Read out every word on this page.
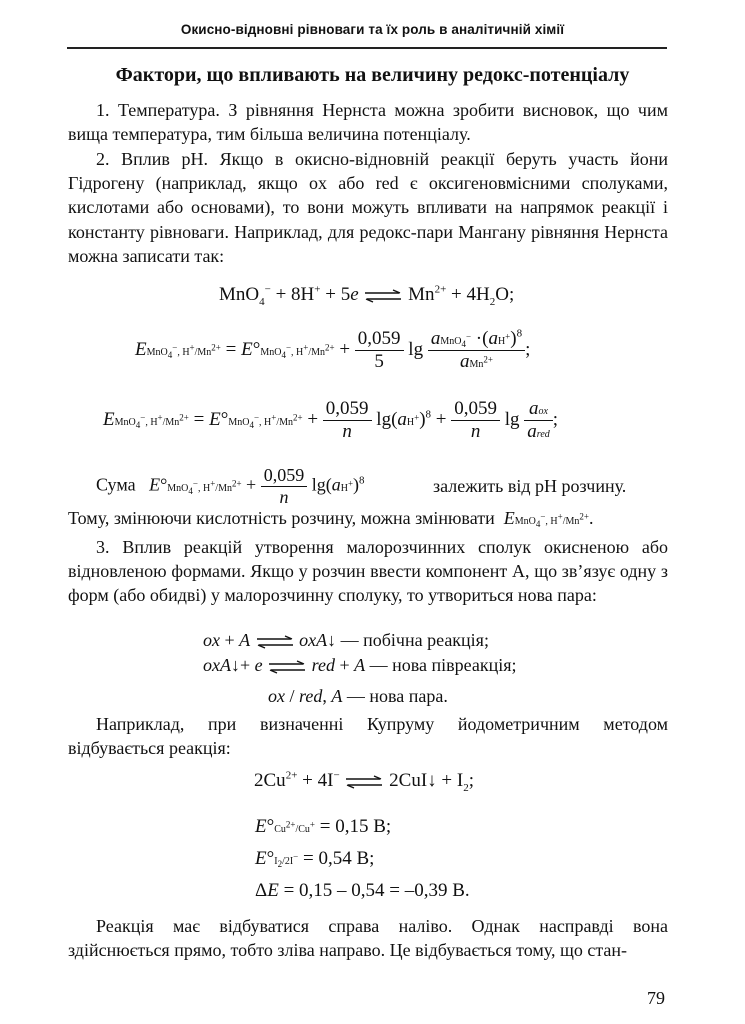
Окисно-відновні рівноваги та їх роль в аналітичній хімії
Фактори, що впливають на величину редокс-потенціалу

1. Температура. З рівняння Нернста можна зробити висновок, що чим вища температура, тим більша величина потенціалу.

2. Вплив pH. Якщо в окисно-відновній реакції беруть участь йони Гідрогену (наприклад, якщо ox або red є оксигеновмісними сполуками, кислотами або основами), то вони можуть впливати на напрямок реакції і константу рівноваги. Наприклад, для редокс-пари Мангану рівняння Нернста можна записати так:

MnO$_4$− + 8H+ + 5e ⇌ $Mn^{2+} + 4H_2O$;
EMnO$_4$−, $H^+/Mn^{2+} = E^\circ MnO_4^-$, $H^+/Mn^{2+} + \frac{0,059}{5}$ $\lg \frac{aMnO_4^- \cdot(aH^+)^8}{aMn^{2+}}$ ;
EMnO$_4$−, $H^+/Mn^{2+} = E^\circ MnO_4^-$, $H^+/Mn^{2+} + \frac{0,059}{n} \lg(aH^+)^8 + \frac{0,059}{n}$ $\lg \frac{\text{aox}}{\text{ared}}$ ;
Сума E°MnO$_4$−, $H^+/Mn^{2+} + \frac{0,059}{n} \lg(aH^+)^8$	залежить від pH розчину.
Тому, змінюючи кислотність розчину, можна змінювати EMnO$_4$−, $H^+/Mn^{2+}$.

3. Вплив реакцій утворення малорозчинних сполук окисненою або відновленою формами. Якщо у розчин ввести компонент A, що зв’язує одну з форм (або обидві) у малорозчинну сполуку, то утвориться нова пара:

ox + A ⇌ oxA↓ — побічна реакція;
oxA↓+ e ⇌ red + A — нова півреакція;
ox / red, A — нова пара.

Наприклад, при визначенні Купруму йодометричним методом відбувається реакція:

$2Cu^{2+} + 4I^-$ ⇌ 2CuI↓ + $I_2$;
$E^\circ Cu^{2+}/Cu^+ = 0,15$ B;
$E^\circ I_2/2I^- = 0,54$ B;
ΔE = 0,15 – 0,54 = –0,39 B.

Реакція має відбуватися справа наліво. Однак насправді вона здійснюється прямо, тобто зліва направо. Це відбувається тому, що стан-

79
